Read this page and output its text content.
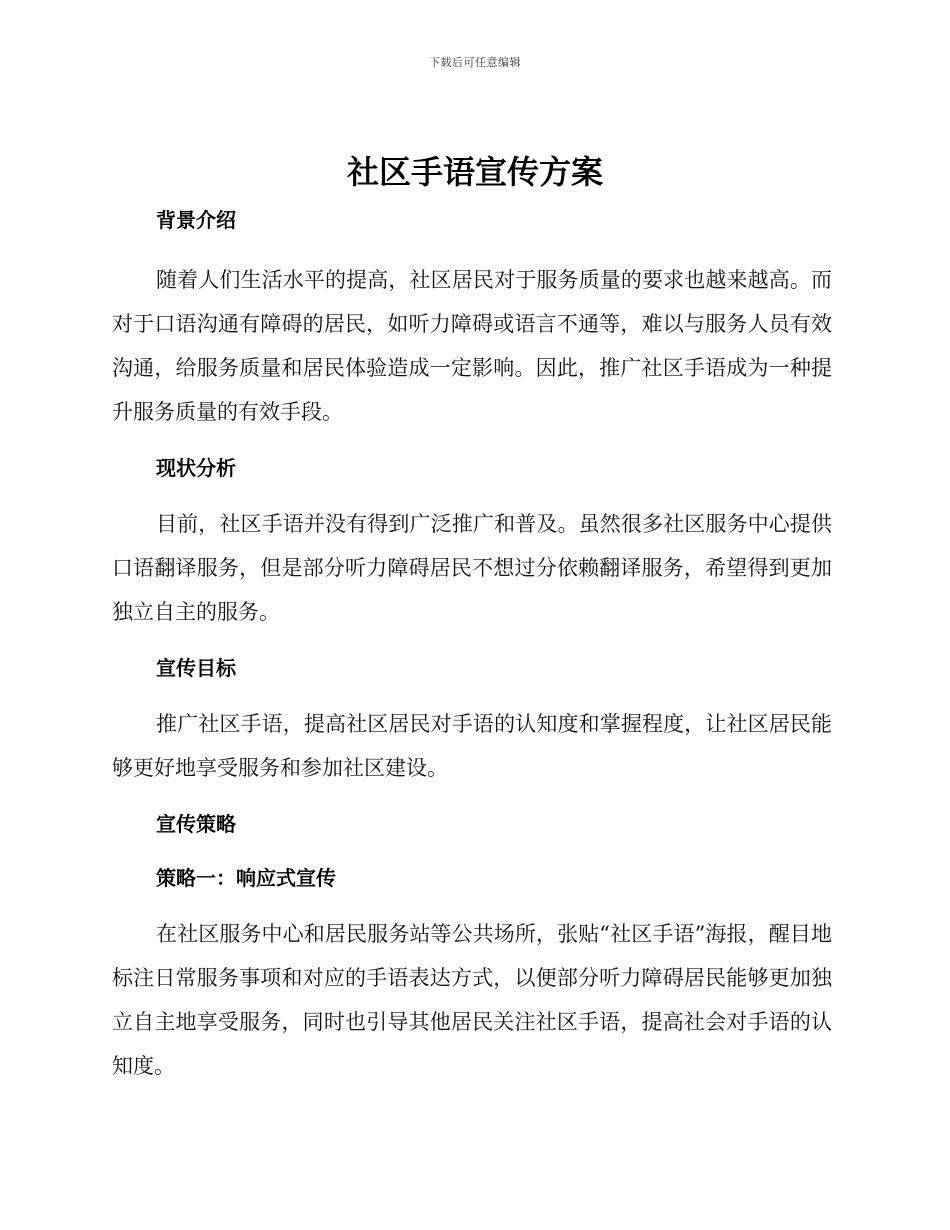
下载后可任意编辑
社区手语宣传方案
背景介绍

随着人们生活水平的提高，社区居民对于服务质量的要求也越来越高。而对于口语沟通有障碍的居民，如听力障碍或语言不通等，难以与服务人员有效沟通，给服务质量和居民体验造成一定影响。因此，推广社区手语成为一种提升服务质量的有效手段。

现状分析

目前，社区手语并没有得到广泛推广和普及。虽然很多社区服务中心提供口语翻译服务，但是部分听力障碍居民不想过分依赖翻译服务，希望得到更加独立自主的服务。

宣传目标

推广社区手语，提高社区居民对手语的认知度和掌握程度，让社区居民能够更好地享受服务和参加社区建设。

宣传策略
策略一：响应式宣传

在社区服务中心和居民服务站等公共场所，张贴“社区手语”海报，醒目地标注日常服务事项和对应的手语表达方式，以便部分听力障碍居民能够更加独立自主地享受服务，同时也引导其他居民关注社区手语，提高社会对手语的认知度。
